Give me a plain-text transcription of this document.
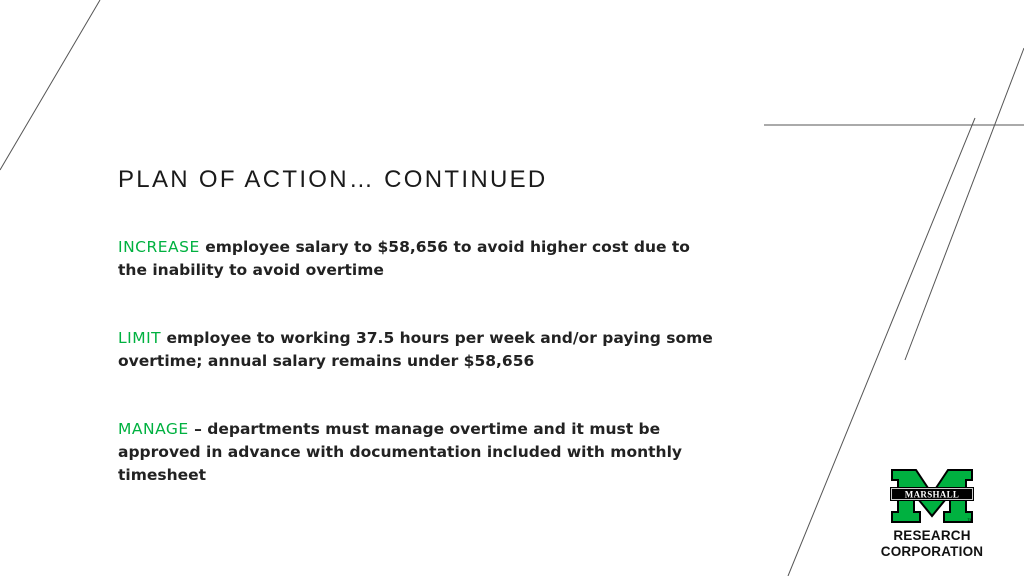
PLAN OF ACTION… CONTINUED

INCREASE employee salary to $58,656 to avoid higher cost due to the inability to avoid overtime

LIMIT employee to working 37.5 hours per week and/or paying some overtime; annual salary remains under $58,656

MANAGE – departments must manage overtime and it must be approved in advance with documentation included with monthly timesheet

MARSHALL
TM
RESEARCH
CORPORATION
